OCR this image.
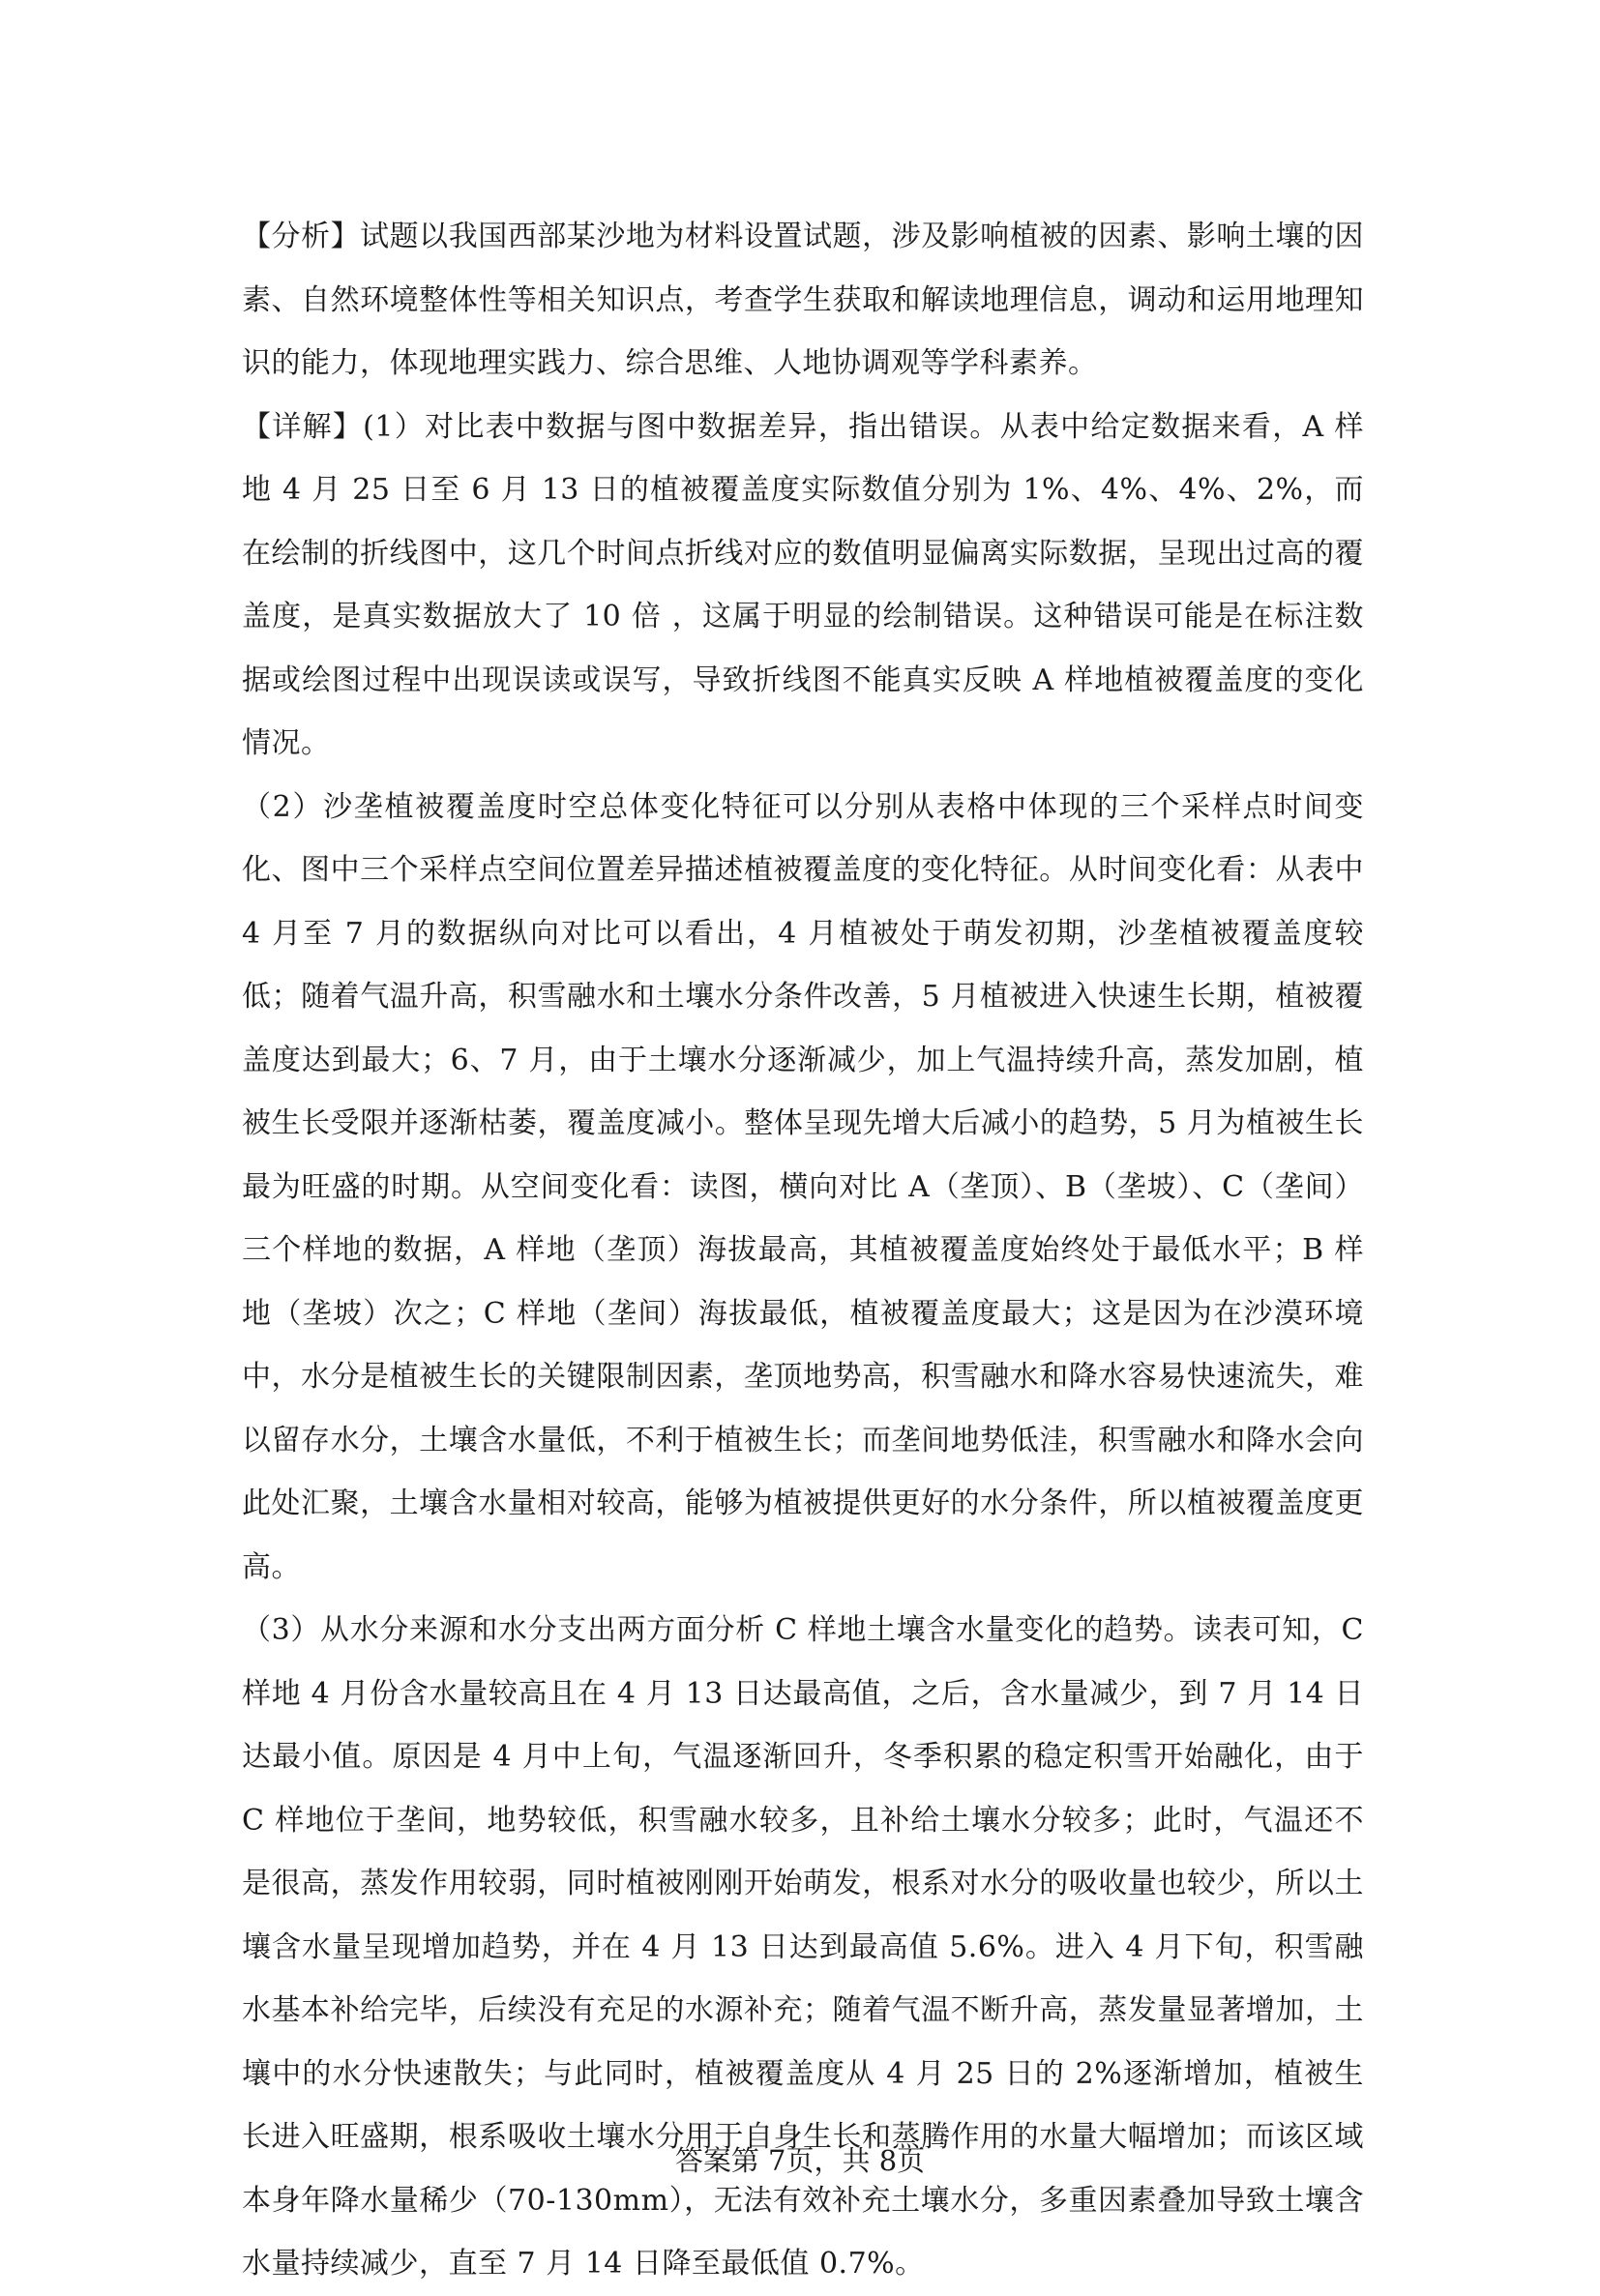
【分析】试题以我国西部某沙地为材料设置试题，涉及影响植被的因素、影响土壤的因素、自然环境整体性等相关知识点，考查学生获取和解读地理信息，调动和运用地理知识的能力，体现地理实践力、综合思维、人地协调观等学科素养。

【详解】(1）对比表中数据与图中数据差异，指出错误。从表中给定数据来看，A 样地 4 月 25 日至 6 月 13 日的植被覆盖度实际数值分别为 1%、4%、4%、2%，而在绘制的折线图中，这几个时间点折线对应的数值明显偏离实际数据，呈现出过高的覆盖度，是真实数据放大了 10 倍 ，这属于明显的绘制错误。这种错误可能是在标注数据或绘图过程中出现误读或误写，导致折线图不能真实反映 A 样地植被覆盖度的变化情况。

（2）沙垄植被覆盖度时空总体变化特征可以分别从表格中体现的三个采样点时间变化、图中三个采样点空间位置差异描述植被覆盖度的变化特征。从时间变化看：从表中 4 月至 7 月的数据纵向对比可以看出，4 月植被处于萌发初期，沙垄植被覆盖度较低；随着气温升高，积雪融水和土壤水分条件改善，5 月植被进入快速生长期，植被覆盖度达到最大；6、7 月，由于土壤水分逐渐减少，加上气温持续升高，蒸发加剧，植被生长受限并逐渐枯萎，覆盖度减小。整体呈现先增大后减小的趋势，5 月为植被生长最为旺盛的时期。从空间变化看：读图，横向对比 A（垄顶）、B（垄坡）、C（垄间）三个样地的数据，A 样地（垄顶）海拔最高，其植被覆盖度始终处于最低水平；B 样地（垄坡）次之；C 样地（垄间）海拔最低，植被覆盖度最大；这是因为在沙漠环境中，水分是植被生长的关键限制因素，垄顶地势高，积雪融水和降水容易快速流失，难以留存水分，土壤含水量低，不利于植被生长；而垄间地势低洼，积雪融水和降水会向此处汇聚，土壤含水量相对较高，能够为植被提供更好的水分条件，所以植被覆盖度更高。

（3）从水分来源和水分支出两方面分析 C 样地土壤含水量变化的趋势。读表可知，C 样地 4 月份含水量较高且在 4 月 13 日达最高值，之后，含水量减少，到 7 月 14 日达最小值。原因是 4 月中上旬，气温逐渐回升，冬季积累的稳定积雪开始融化，由于 C 样地位于垄间，地势较低，积雪融水较多，且补给土壤水分较多；此时，气温还不是很高，蒸发作用较弱，同时植被刚刚开始萌发，根系对水分的吸收量也较少，所以土壤含水量呈现增加趋势，并在 4 月 13 日达到最高值 5.6%。进入 4 月下旬，积雪融水基本补给完毕，后续没有充足的水源补充；随着气温不断升高，蒸发量显著增加，土壤中的水分快速散失；与此同时，植被覆盖度从 4 月 25 日的 2%逐渐增加，植被生长进入旺盛期，根系吸收土壤水分用于自身生长和蒸腾作用的水量大幅增加；而该区域本身年降水量稀少（70-130mm），无法有效补充土壤水分，多重因素叠加导致土壤含水量持续减少，直至 7 月 14 日降至最低值 0.7%。

答案第 7页，共 8页
